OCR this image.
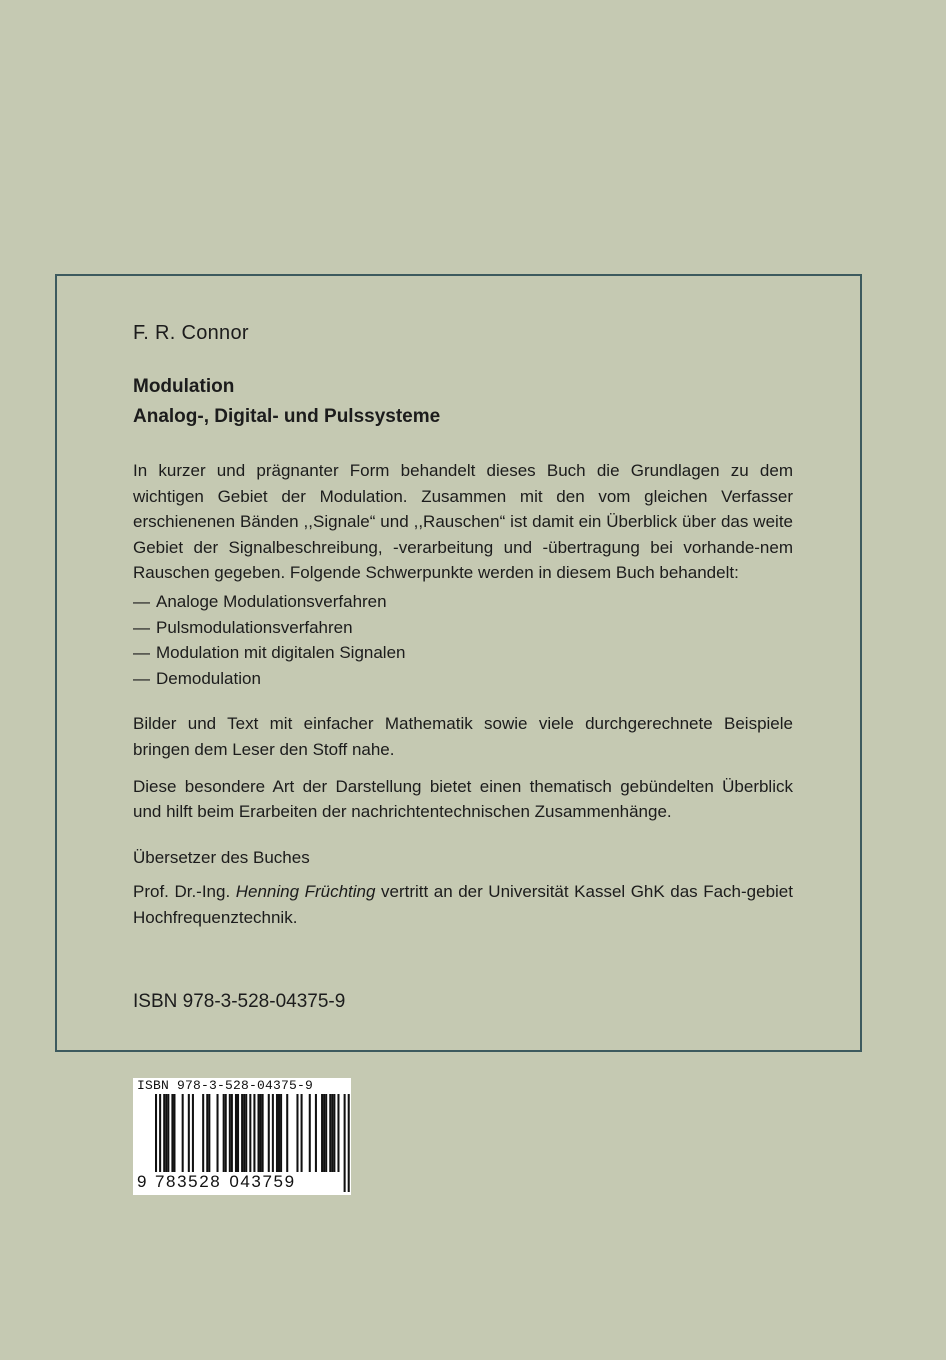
F. R. Connor

Modulation

Analog-, Digital- und Pulssysteme

In kurzer und prägnanter Form behandelt dieses Buch die Grundlagen zu dem wichtigen Gebiet der Modulation. Zusammen mit den vom gleichen Verfasser erschienenen Bänden ,,Signale“ und ,,Rauschen“ ist damit ein Überblick über das weite Gebiet der Signalbeschreibung, -verarbeitung und -übertragung bei vorhande-nem Rauschen gegeben. Folgende Schwerpunkte werden in diesem Buch behandelt:

— Analoge Modulationsverfahren
— Pulsmodulationsverfahren
— Modulation mit digitalen Signalen
— Demodulation

Bilder und Text mit einfacher Mathematik sowie viele durchgerechnete Beispiele bringen dem Leser den Stoff nahe.

Diese besondere Art der Darstellung bietet einen thematisch gebündelten Überblick und hilft beim Erarbeiten der nachrichtentechnischen Zusammenhänge.

Übersetzer des Buches

Prof. Dr.-Ing. Henning Früchting vertritt an der Universität Kassel GhK das Fach-gebiet Hochfrequenztechnik.

ISBN 978-3-528-04375-9
ISBN 978-3-528-04375-9
9 783528 043759
